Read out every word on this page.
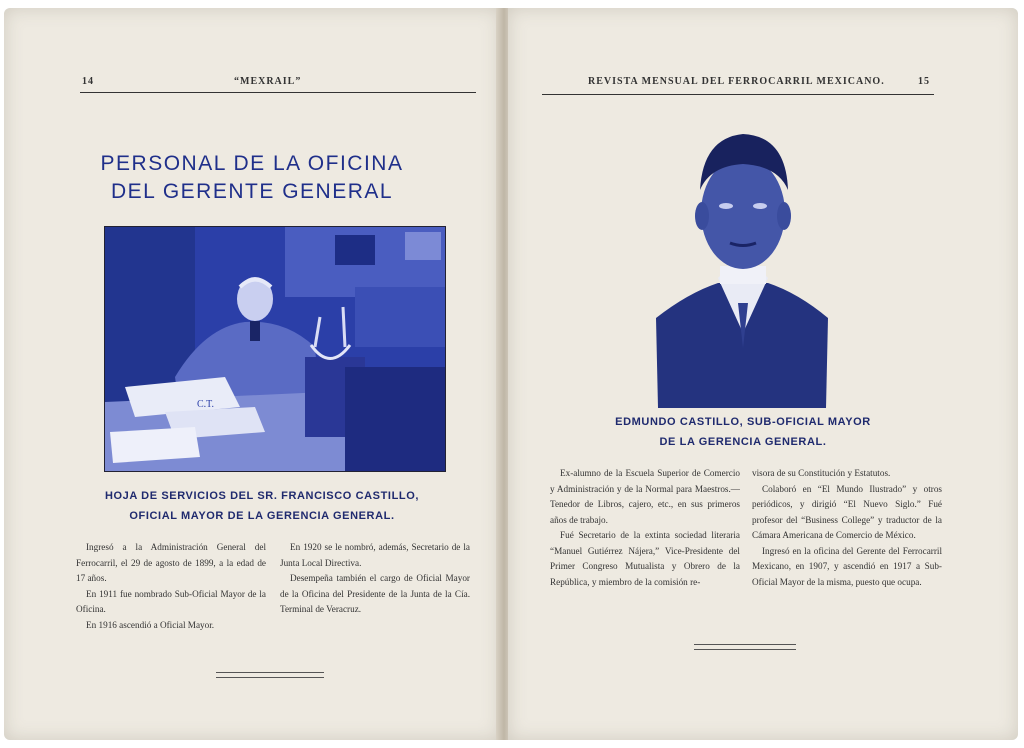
14	“MEXRAIL”
PERSONAL DE LA OFICINA
DEL GERENTE GENERAL
C.T.
HOJA DE SERVICIOS DEL SR. FRANCISCO CASTILLO,
OFICIAL MAYOR DE LA GERENCIA GENERAL.

Ingresó a la Administración General del Ferrocarril, el 29 de agosto de 1899, a la edad de 17 años.

En 1911 fue nombrado Sub-Oficial Mayor de la Oficina.

En 1916 ascendió a Oficial Mayor.

En 1920 se le nombró, además, Secretario de la Junta Local Directiva.

Desempeña también el cargo de Oficial Mayor de la Oficina del Presidente de la Junta de la Cía. Terminal de Veracruz.

REVISTA MENSUAL DEL FERROCARRIL MEXICANO.	15
EDMUNDO CASTILLO, SUB-OFICIAL MAYOR
DE LA GERENCIA GENERAL.

Ex-alumno de la Escuela Superior de Comercio y Administración y de la Normal para Maestros.—Tenedor de Libros, cajero, etc., en sus primeros años de trabajo.

Fué Secretario de la extinta sociedad literaria “Manuel Gutiérrez Nájera,” Vice-Presidente del Primer Congreso Mutualista y Obrero de la República, y miembro de la comisión re-

visora de su Constitución y Estatutos.

Colaboró en “El Mundo Ilustrado” y otros periódicos, y dirigió “El Nuevo Siglo.” Fué profesor del “Business College” y traductor de la Cámara Americana de Comercio de México.

Ingresó en la oficina del Gerente del Ferrocarril Mexicano, en 1907, y ascendió en 1917 a Sub-Oficial Mayor de la misma, puesto que ocupa.
